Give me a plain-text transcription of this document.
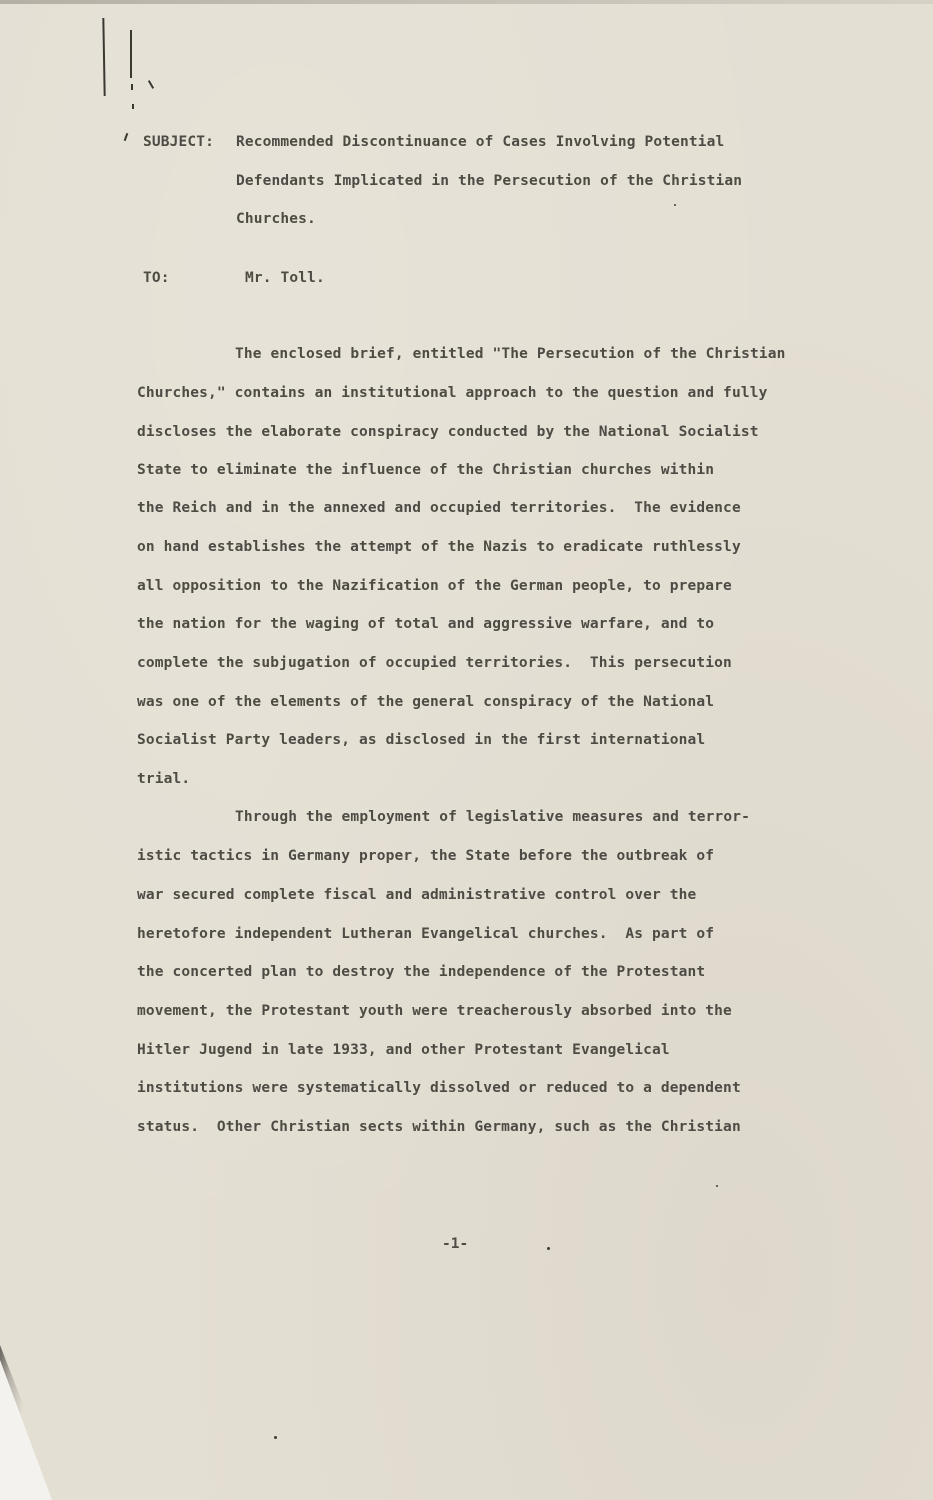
SUBJECT: Recommended Discontinuance of Cases Involving Potential
Defendants Implicated in the Persecution of the Christian
Churches.
TO:	Mr. Toll.
The enclosed brief, entitled "The Persecution of the Christian
Churches," contains an institutional approach to the question and fully
discloses the elaborate conspiracy conducted by the National Socialist
State to eliminate the influence of the Christian churches within
the Reich and in the annexed and occupied territories.  The evidence
on hand establishes the attempt of the Nazis to eradicate ruthlessly
all opposition to the Nazification of the German people, to prepare
the nation for the waging of total and aggressive warfare, and to
complete the subjugation of occupied territories.  This persecution
was one of the elements of the general conspiracy of the National
Socialist Party leaders, as disclosed in the first international
trial.
Through the employment of legislative measures and terror-
istic tactics in Germany proper, the State before the outbreak of
war secured complete fiscal and administrative control over the
heretofore independent Lutheran Evangelical churches.  As part of
the concerted plan to destroy the independence of the Protestant
movement, the Protestant youth were treacherously absorbed into the
Hitler Jugend in late 1933, and other Protestant Evangelical
institutions were systematically dissolved or reduced to a dependent
status.  Other Christian sects within Germany, such as the Christian
-1-
